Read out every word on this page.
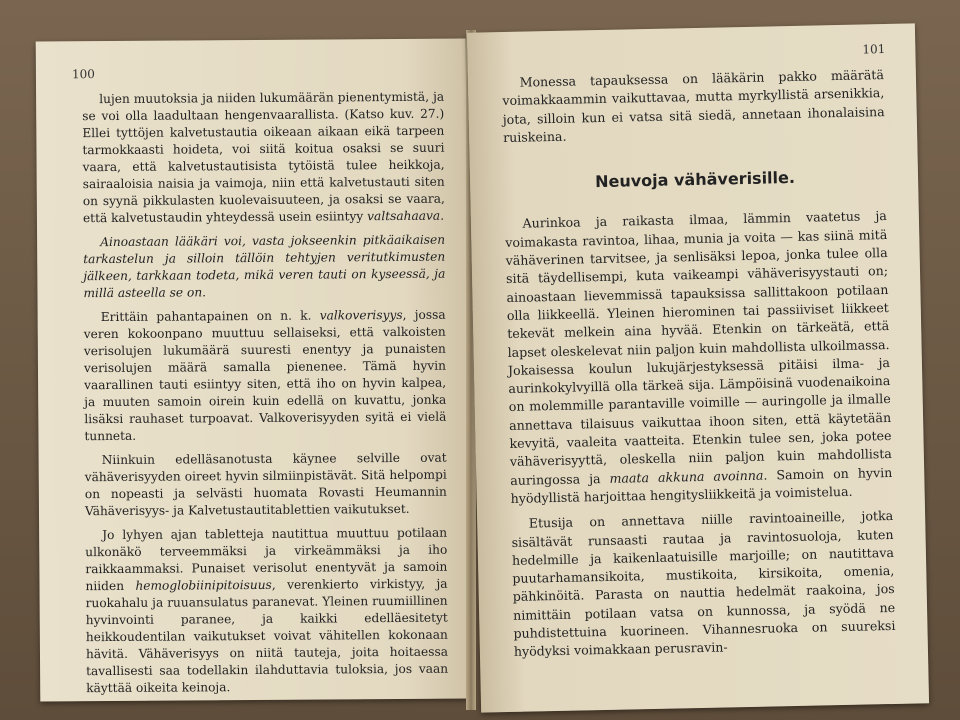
100

lujen muutoksia ja niiden lukumäärän pienentymistä, ja se voi olla laadultaan hengenvaarallista. (Katso kuv. 27.) Ellei tyttöjen kalvetustautia oikeaan aikaan eikä tarpeen tarmokkaasti hoideta, voi siitä koitua osaksi se suuri vaara, että kalvetustautisista tytöistä tulee heikkoja, sairaaloisia naisia ja vaimoja, niin että kalvetustauti siten on syynä pikkulasten kuolevaisuuteen, ja osaksi se vaara, että kalvetustaudin yhteydessä usein esiintyy valtsahaava.

Ainoastaan lääkäri voi, vasta jokseenkin pitkäaikaisen tarkastelun ja silloin tällöin tehtyjen veritutkimusten jälkeen, tarkkaan todeta, mikä veren tauti on kyseessä, ja millä asteella se on.

Erittäin pahantapainen on n. k. valkoverisyys, jossa veren kokoonpano muuttuu sellaiseksi, että valkoisten verisolujen lukumäärä suuresti enentyy ja punaisten verisolujen määrä samalla pienenee. Tämä hyvin vaarallinen tauti esiintyy siten, että iho on hyvin kalpea, ja muuten samoin oirein kuin edellä on kuvattu, jonka lisäksi rauhaset turpoavat. Valkoverisyyden syitä ei vielä tunneta.

Niinkuin edelläsanotusta käynee selville ovat vähäverisyyden oireet hyvin silmiinpistävät. Sitä helpompi on nopeasti ja selvästi huomata Rovasti Heumannin Vähäverisyys- ja Kalvetustautitablettien vaikutukset.

Jo lyhyen ajan tabletteja nautittua muuttuu potilaan ulkonäkö terveemmäksi ja virkeämmäksi ja iho raikkaammaksi. Punaiset verisolut enentyvät ja samoin niiden hemoglobiinipitoisuus, verenkierto virkistyy, ja ruokahalu ja ruuansulatus paranevat. Yleinen ruumiillinen hyvinvointi paranee, ja kaikki edelläesitetyt heikkoudentilan vaikutukset voivat vähitellen kokonaan hävitä. Vähäverisyys on niitä tauteja, joita hoitaessa tavallisesti saa todellakin ilahduttavia tuloksia, jos vaan käyttää oikeita keinoja.

101

Monessa tapauksessa on lääkärin pakko määrätä voimakkaammin vaikuttavaa, mutta myrkyllistä arsenikkia, jota, silloin kun ei vatsa sitä siedä, annetaan ihonalaisina ruiskeina.

Neuvoja vähäverisille.

Aurinkoa ja raikasta ilmaa, lämmin vaatetus ja voimakasta ravintoa, lihaa, munia ja voita — kas siinä mitä vähäverinen tarvitsee, ja senlisäksi lepoa, jonka tulee olla sitä täydellisempi, kuta vaikeampi vähäverisyystauti on; ainoastaan lievemmissä tapauksissa sallittakoon potilaan olla liikkeellä. Yleinen hierominen tai passiiviset liikkeet tekevät melkein aina hyvää. Etenkin on tärkeätä, että lapset oleskelevat niin paljon kuin mahdollista ulkoilmassa. Jokaisessa koulun lukujärjestyksessä pitäisi ilma- ja aurinkokylvyillä olla tärkeä sija. Lämpöisinä vuodenaikoina on molemmille parantaville voimille — auringolle ja ilmalle annettava tilaisuus vaikuttaa ihoon siten, että käytetään kevyitä, vaaleita vaatteita. Etenkin tulee sen, joka potee vähäverisyyttä, oleskella niin paljon kuin mahdollista auringossa ja maata akkuna avoinna. Samoin on hyvin hyödyllistä harjoittaa hengitysliikkeitä ja voimistelua.

Etusija on annettava niille ravintoaineille, jotka sisältävät runsaasti rautaa ja ravintosuoloja, kuten hedelmille ja kaikenlaatuisille marjoille; on nautittava puutarhamansikoita, mustikoita, kirsikoita, omenia, pähkinöitä. Parasta on nauttia hedelmät raakoina, jos nimittäin potilaan vatsa on kunnossa, ja syödä ne puhdistettuina kuorineen. Vihannesruoka on suureksi hyödyksi voimakkaan perusravin-
